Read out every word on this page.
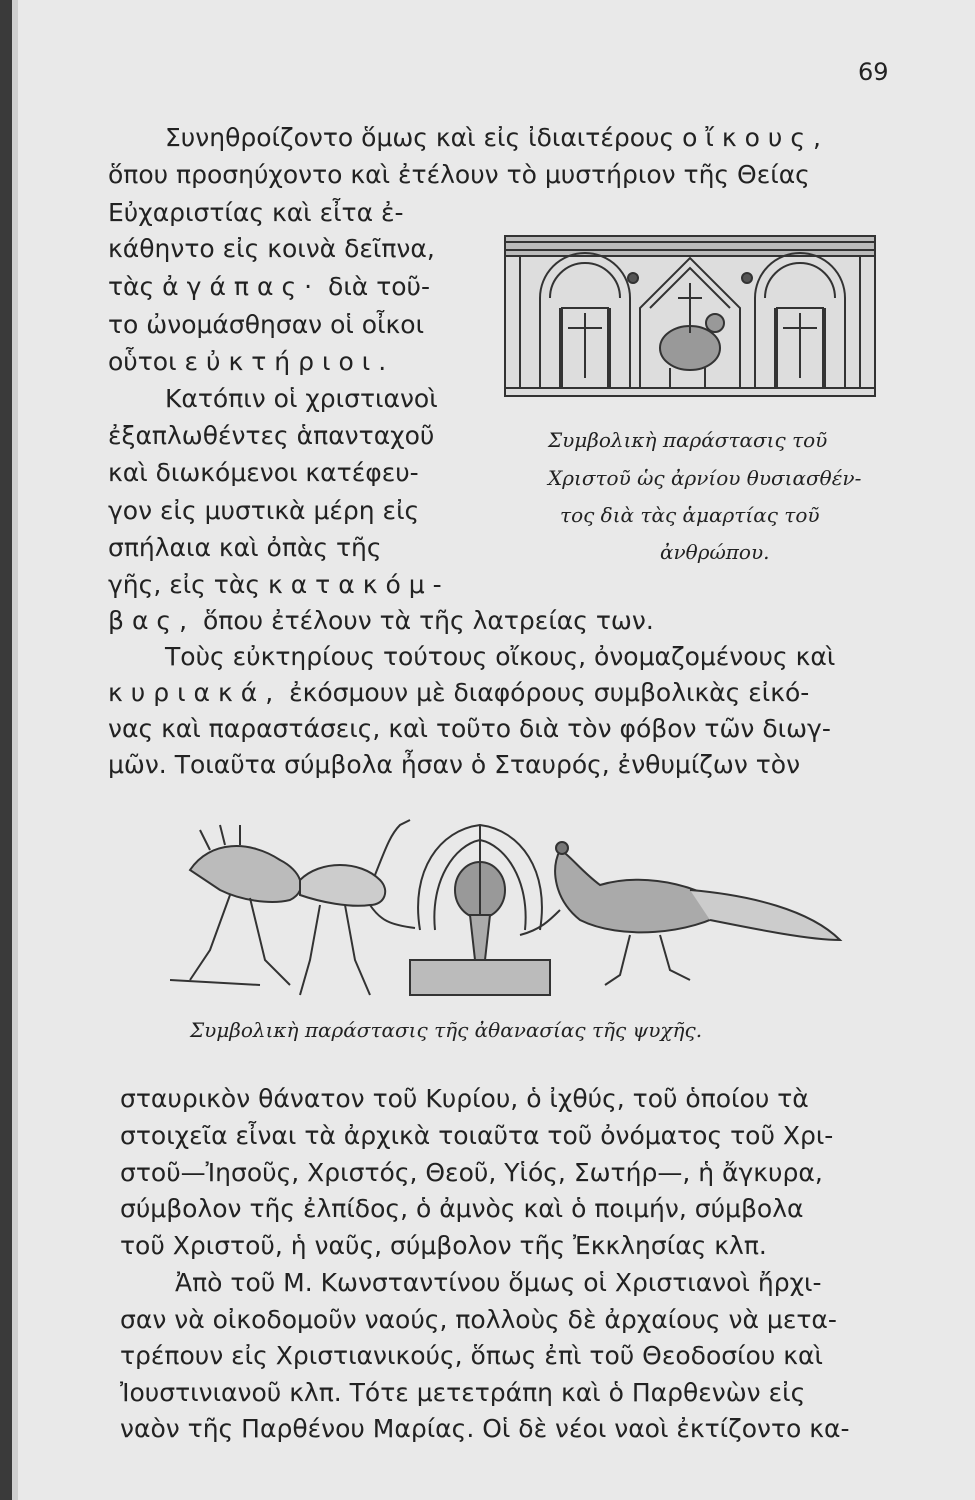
69
Συνηθροίζοντο ὅμως καὶ εἰς ἰδιαιτέρους οἴκους,
ὅπου προσηύχοντο καὶ ἐτέλουν τὸ μυστήριον τῆς Θείας
Εὐχαριστίας καὶ εἶτα ἐ-
κάθηντο εἰς κοινὰ δεῖπνα,
τὰς ἀγάπας· διὰ τοῦ-
το ὠνομάσθησαν οἱ οἶκοι
οὗτοι εὐκτήριοι.
Κατόπιν οἱ χριστιανοὶ
ἐξαπλωθέντες ἁπανταχοῦ
καὶ διωκόμενοι κατέφευ-
γον εἰς μυστικὰ μέρη εἰς
σπήλαια καὶ ὀπὰς τῆς
γῆς, εἰς τὰς κατακόμ-
βας, ὅπου ἐτέλουν τὰ τῆς λατρείας των.
Συμβολικὴ παράστασις τοῦ
Χριστοῦ ὡς ἀρνίου θυσιασθέν-
τος διὰ τὰς ἁμαρτίας τοῦ
ἀνθρώπου.
Τοὺς εὐκτηρίους τούτους οἴκους, ὀνομαζομένους καὶ
κυριακά, ἐκόσμουν μὲ διαφόρους συμβολικὰς εἰκό-
νας καὶ παραστάσεις, καὶ τοῦτο διὰ τὸν φόβον τῶν διωγ-
μῶν. Τοιαῦτα σύμβολα ἦσαν ὁ Σταυρός, ἐνθυμίζων τὸν
Συμβολικὴ παράστασις τῆς ἀθανασίας τῆς ψυχῆς.
σταυρικὸν θάνατον τοῦ Κυρίου, ὁ ἰχθύς, τοῦ ὁποίου τὰ
στοιχεῖα εἶναι τὰ ἀρχικὰ τοιαῦτα τοῦ ὀνόματος τοῦ Χρι-
στοῦ—Ἰησοῦς, Χριστός, Θεοῦ, Υἱός, Σωτήρ—, ἡ ἄγκυρα,
σύμβολον τῆς ἐλπίδος, ὁ ἀμνὸς καὶ ὁ ποιμήν, σύμβολα
τοῦ Χριστοῦ, ἡ ναῦς, σύμβολον τῆς Ἐκκλησίας κλπ.
Ἀπὸ τοῦ Μ. Κωνσταντίνου ὅμως οἱ Χριστιανοὶ ἤρχι-
σαν νὰ οἰκοδομοῦν ναούς, πολλοὺς δὲ ἀρχαίους νὰ μετα-
τρέπουν εἰς Χριστιανικούς, ὅπως ἐπὶ τοῦ Θεοδοσίου καὶ
Ἰουστινιανοῦ κλπ. Τότε μετετράπη καὶ ὁ Παρθενὼν εἰς
ναὸν τῆς Παρθένου Μαρίας. Οἱ δὲ νέοι ναοὶ ἐκτίζοντο κα-
